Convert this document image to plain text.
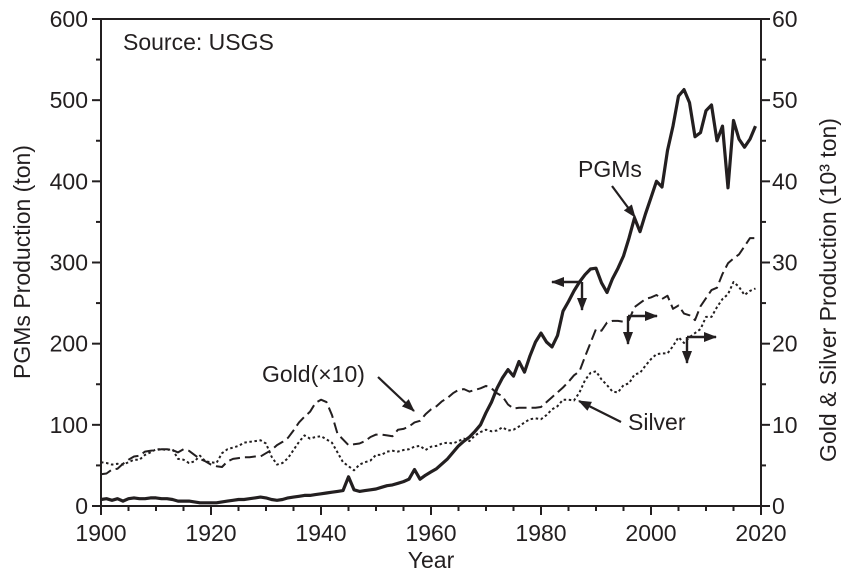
0
100
200
300
400
500
600
0
10
20
30
40
50
60
1900	1920	1940	1960	1980	2000	2020
Source: USGS
PGMs
Gold(×10)
Silver
Year
PGMs Production (ton)	Gold & Silver Production (10³ ton)
